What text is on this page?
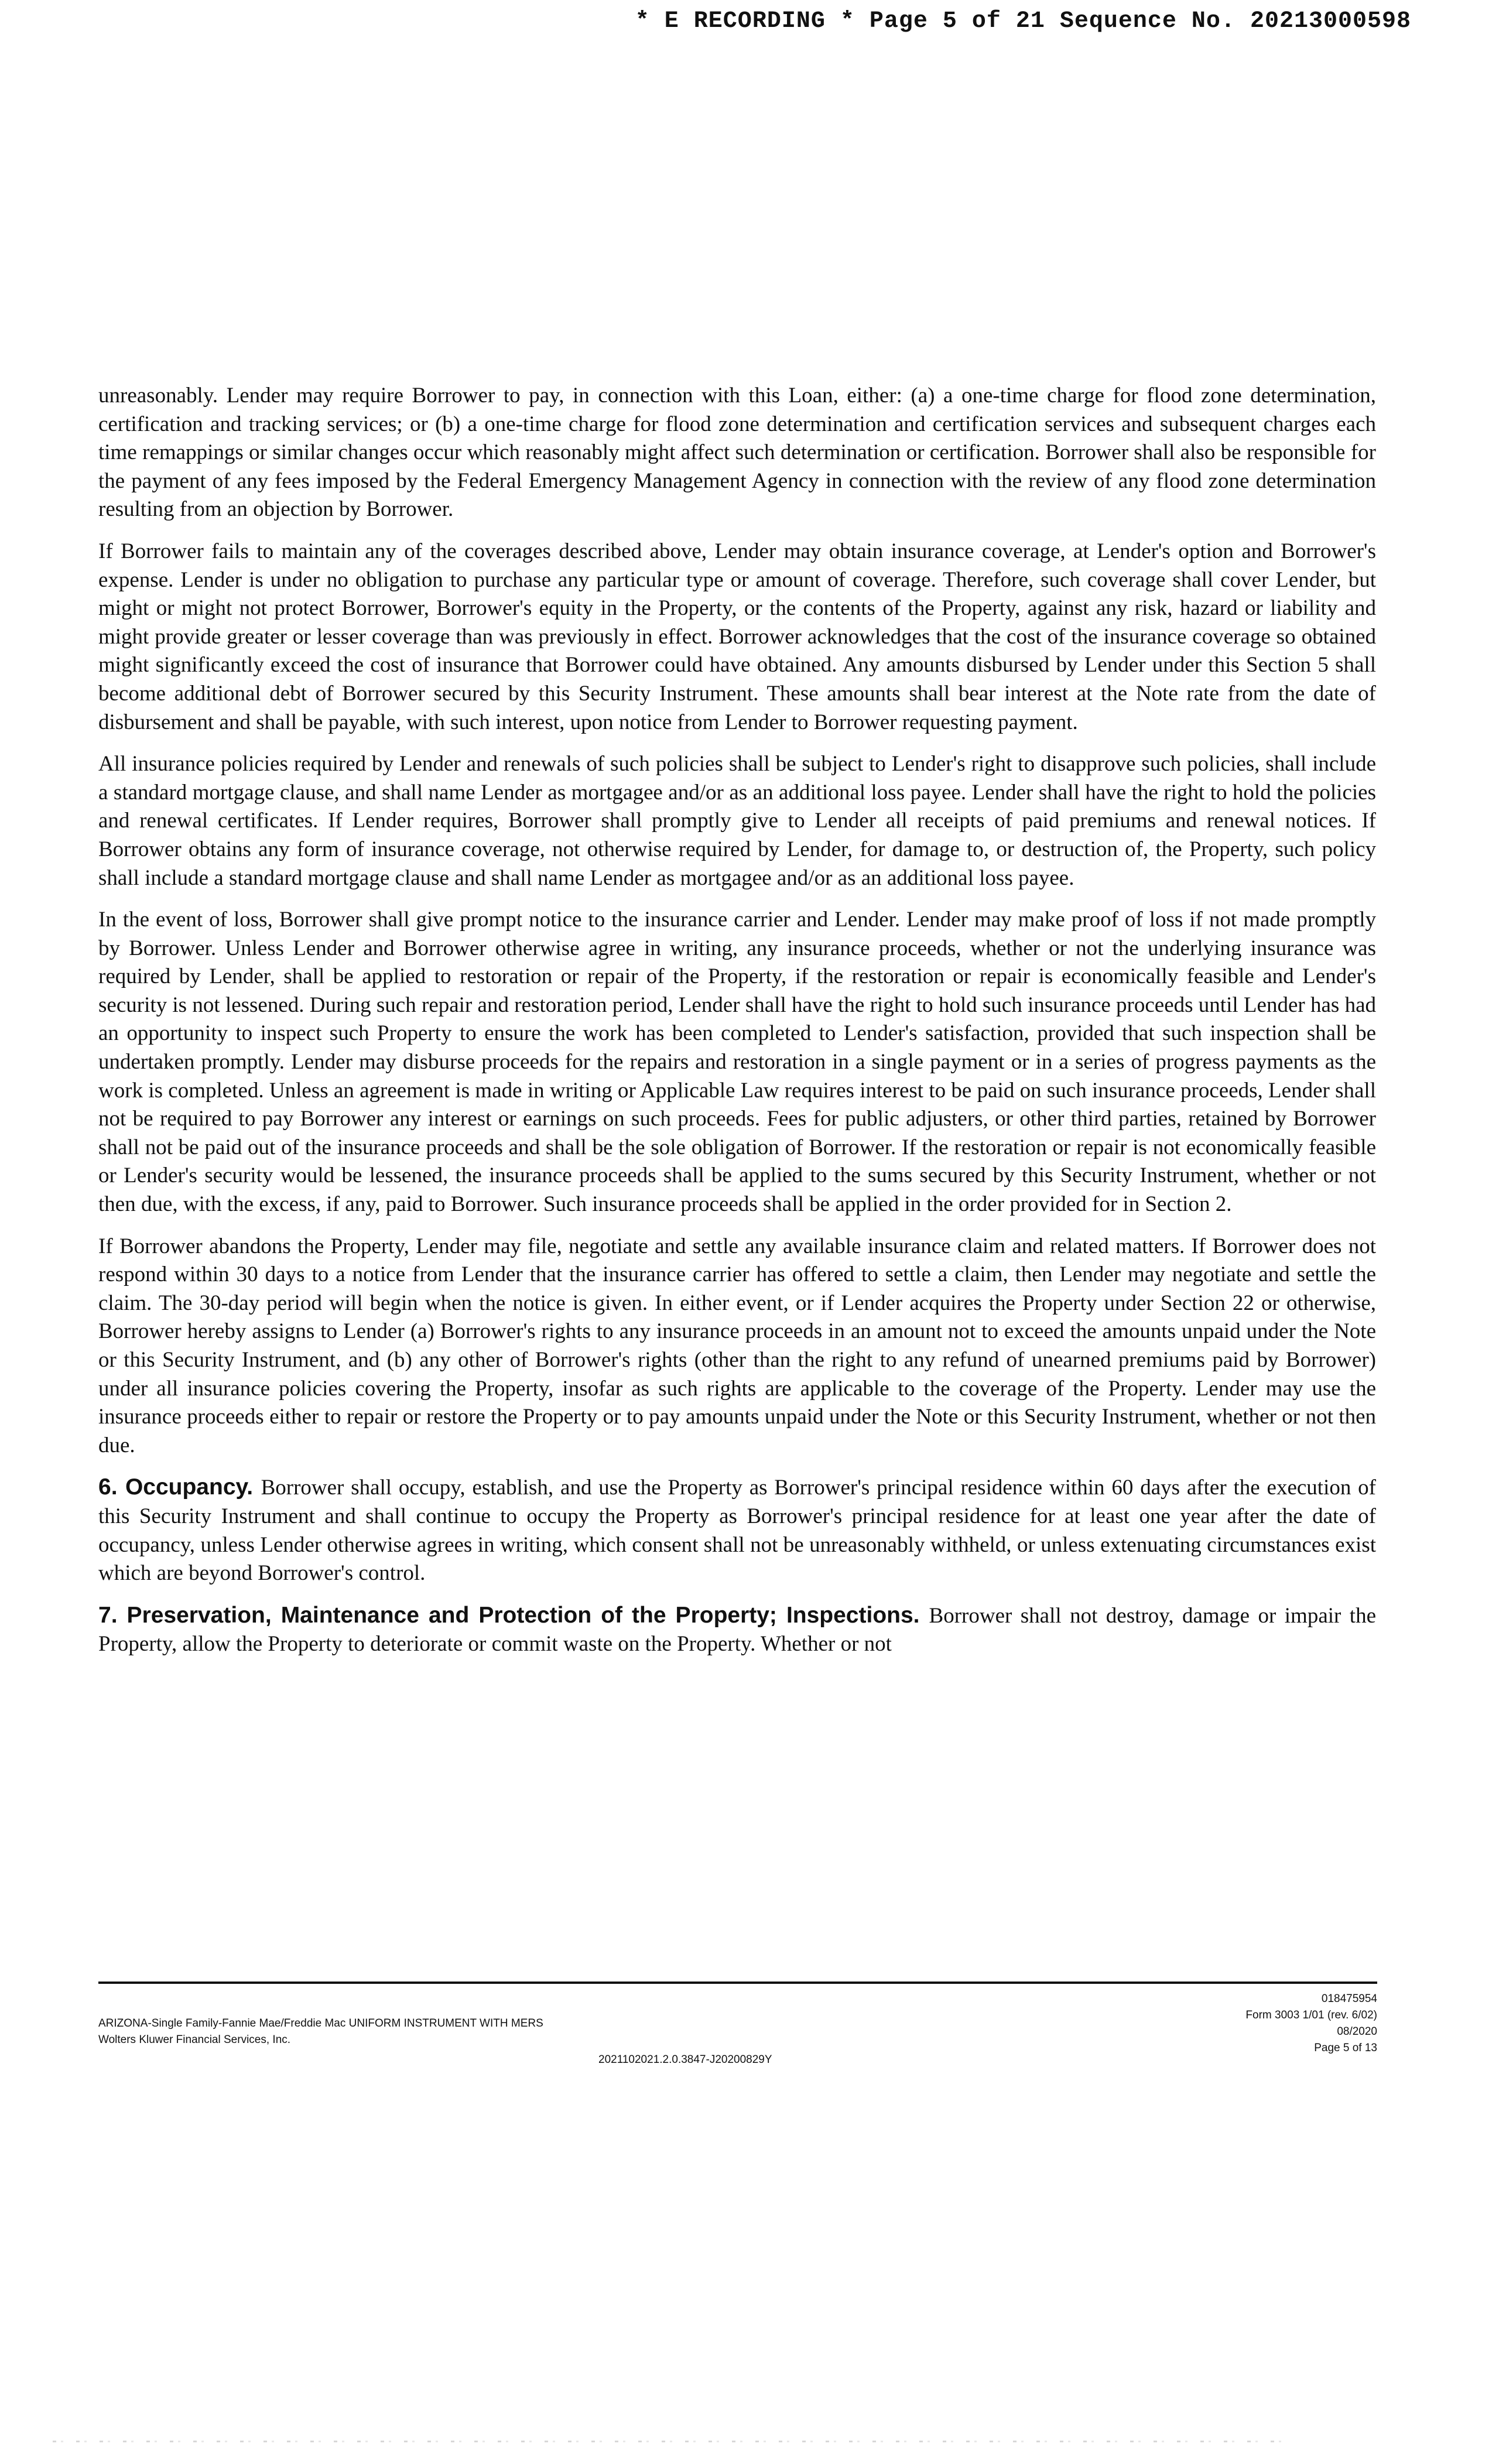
* E RECORDING * Page 5 of 21 Sequence No. 20213000598

unreasonably. Lender may require Borrower to pay, in connection with this Loan, either: (a) a one-time charge for flood zone determination, certification and tracking services; or (b) a one-time charge for flood zone determination and certification services and subsequent charges each time remappings or similar changes occur which reasonably might affect such determination or certification. Borrower shall also be responsible for the payment of any fees imposed by the Federal Emergency Management Agency in connection with the review of any flood zone determination resulting from an objection by Borrower.

If Borrower fails to maintain any of the coverages described above, Lender may obtain insurance coverage, at Lender's option and Borrower's expense. Lender is under no obligation to purchase any particular type or amount of coverage. Therefore, such coverage shall cover Lender, but might or might not protect Borrower, Borrower's equity in the Property, or the contents of the Property, against any risk, hazard or liability and might provide greater or lesser coverage than was previously in effect. Borrower acknowledges that the cost of the insurance coverage so obtained might significantly exceed the cost of insurance that Borrower could have obtained. Any amounts disbursed by Lender under this Section 5 shall become additional debt of Borrower secured by this Security Instrument. These amounts shall bear interest at the Note rate from the date of disbursement and shall be payable, with such interest, upon notice from Lender to Borrower requesting payment.

All insurance policies required by Lender and renewals of such policies shall be subject to Lender's right to disapprove such policies, shall include a standard mortgage clause, and shall name Lender as mortgagee and/or as an additional loss payee. Lender shall have the right to hold the policies and renewal certificates. If Lender requires, Borrower shall promptly give to Lender all receipts of paid premiums and renewal notices. If Borrower obtains any form of insurance coverage, not otherwise required by Lender, for damage to, or destruction of, the Property, such policy shall include a standard mortgage clause and shall name Lender as mortgagee and/or as an additional loss payee.

In the event of loss, Borrower shall give prompt notice to the insurance carrier and Lender. Lender may make proof of loss if not made promptly by Borrower. Unless Lender and Borrower otherwise agree in writing, any insurance proceeds, whether or not the underlying insurance was required by Lender, shall be applied to restoration or repair of the Property, if the restoration or repair is economically feasible and Lender's security is not lessened. During such repair and restoration period, Lender shall have the right to hold such insurance proceeds until Lender has had an opportunity to inspect such Property to ensure the work has been completed to Lender's satisfaction, provided that such inspection shall be undertaken promptly. Lender may disburse proceeds for the repairs and restoration in a single payment or in a series of progress payments as the work is completed. Unless an agreement is made in writing or Applicable Law requires interest to be paid on such insurance proceeds, Lender shall not be required to pay Borrower any interest or earnings on such proceeds. Fees for public adjusters, or other third parties, retained by Borrower shall not be paid out of the insurance proceeds and shall be the sole obligation of Borrower. If the restoration or repair is not economically feasible or Lender's security would be lessened, the insurance proceeds shall be applied to the sums secured by this Security Instrument, whether or not then due, with the excess, if any, paid to Borrower. Such insurance proceeds shall be applied in the order provided for in Section 2.

If Borrower abandons the Property, Lender may file, negotiate and settle any available insurance claim and related matters. If Borrower does not respond within 30 days to a notice from Lender that the insurance carrier has offered to settle a claim, then Lender may negotiate and settle the claim. The 30-day period will begin when the notice is given. In either event, or if Lender acquires the Property under Section 22 or otherwise, Borrower hereby assigns to Lender (a) Borrower's rights to any insurance proceeds in an amount not to exceed the amounts unpaid under the Note or this Security Instrument, and (b) any other of Borrower's rights (other than the right to any refund of unearned premiums paid by Borrower) under all insurance policies covering the Property, insofar as such rights are applicable to the coverage of the Property. Lender may use the insurance proceeds either to repair or restore the Property or to pay amounts unpaid under the Note or this Security Instrument, whether or not then due.

6. Occupancy. Borrower shall occupy, establish, and use the Property as Borrower's principal residence within 60 days after the execution of this Security Instrument and shall continue to occupy the Property as Borrower's principal residence for at least one year after the date of occupancy, unless Lender otherwise agrees in writing, which consent shall not be unreasonably withheld, or unless extenuating circumstances exist which are beyond Borrower's control.

7. Preservation, Maintenance and Protection of the Property; Inspections. Borrower shall not destroy, damage or impair the Property, allow the Property to deteriorate or commit waste on the Property. Whether or not

ARIZONA-Single Family-Fannie Mae/Freddie Mac UNIFORM INSTRUMENT WITH MERS
Wolters Kluwer Financial Services, Inc.
2021102021.2.0.3847-J20200829Y
018475954
Form 3003 1/01 (rev. 6/02)
08/2020
Page 5 of 13
